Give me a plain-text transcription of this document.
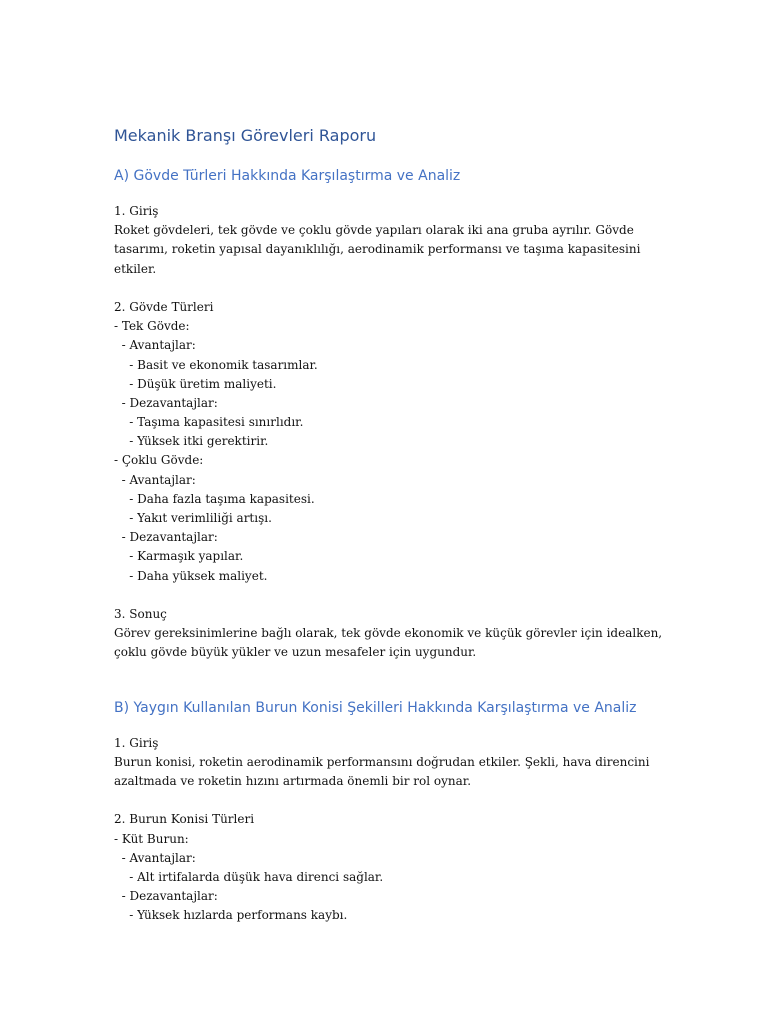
Mekanik Branşı Görevleri Raporu
A) Gövde Türleri Hakkında Karşılaştırma ve Analiz

1. Giriş

Roket gövdeleri, tek gövde ve çoklu gövde yapıları olarak iki ana gruba ayrılır. Gövde

tasarımı, roketin yapısal dayanıklılığı, aerodinamik performansı ve taşıma kapasitesini

etkiler.

2. Gövde Türleri

- Tek Gövde:

- Avantajlar:

- Basit ve ekonomik tasarımlar.

- Düşük üretim maliyeti.

- Dezavantajlar:

- Taşıma kapasitesi sınırlıdır.

- Yüksek itki gerektirir.

- Çoklu Gövde:

- Avantajlar:

- Daha fazla taşıma kapasitesi.

- Yakıt verimliliği artışı.

- Dezavantajlar:

- Karmaşık yapılar.

- Daha yüksek maliyet.

3. Sonuç

Görev gereksinimlerine bağlı olarak, tek gövde ekonomik ve küçük görevler için idealken,

çoklu gövde büyük yükler ve uzun mesafeler için uygundur.

B) Yaygın Kullanılan Burun Konisi Şekilleri Hakkında Karşılaştırma ve Analiz

1. Giriş

Burun konisi, roketin aerodinamik performansını doğrudan etkiler. Şekli, hava direncini

azaltmada ve roketin hızını artırmada önemli bir rol oynar.

2. Burun Konisi Türleri

- Küt Burun:

- Avantajlar:

- Alt irtifalarda düşük hava direnci sağlar.

- Dezavantajlar:

- Yüksek hızlarda performans kaybı.
